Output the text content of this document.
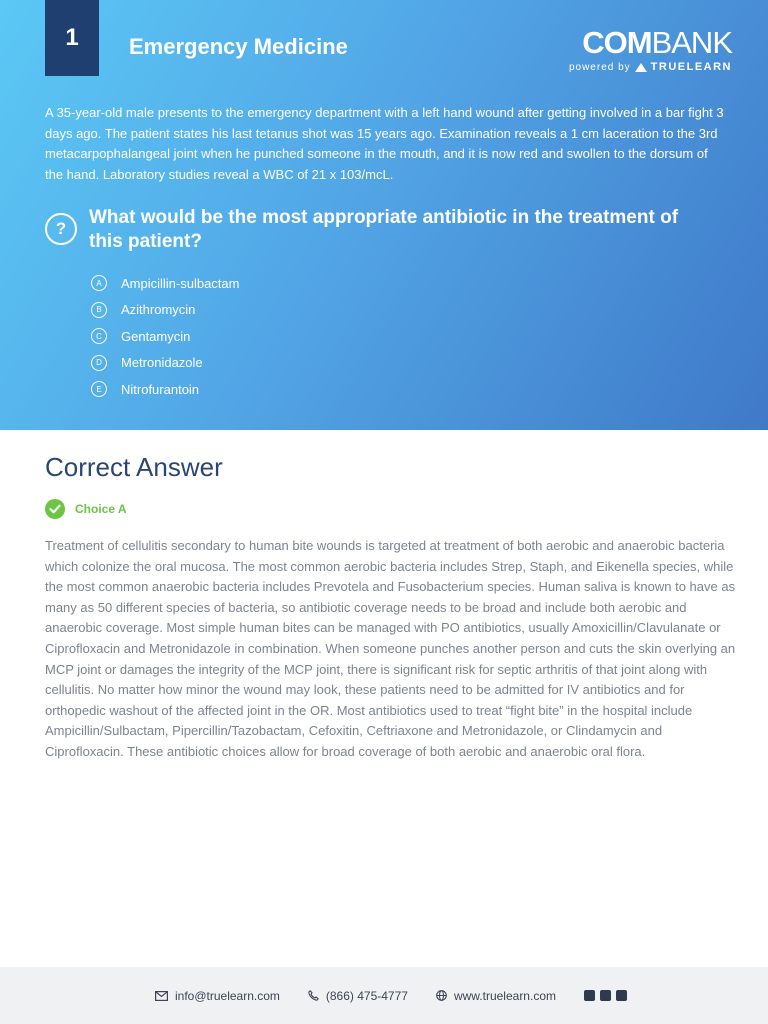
1	Emergency Medicine	COMBANK
powered by TRUELEARN
A 35-year-old male presents to the emergency department with a left hand wound after getting involved in a bar fight 3 days ago. The patient states his last tetanus shot was 15 years ago. Examination reveals a 1 cm laceration to the 3rd metacarpophalangeal joint when he punched someone in the mouth, and it is now red and swollen to the dorsum of the hand. Laboratory studies reveal a WBC of 21 x 103/mcL.
?
What would be the most appropriate antibiotic in the treatment of this patient?
A	Ampicillin-sulbactam
B	Azithromycin
C	Gentamycin
D	Metronidazole
E	Nitrofurantoin
Correct Answer
Choice A
Treatment of cellulitis secondary to human bite wounds is targeted at treatment of both aerobic and anaerobic bacteria which colonize the oral mucosa. The most common aerobic bacteria includes Strep, Staph, and Eikenella species, while the most common anaerobic bacteria includes Prevotela and Fusobacterium species. Human saliva is known to have as many as 50 different species of bacteria, so antibiotic coverage needs to be broad and include both aerobic and anaerobic coverage. Most simple human bites can be managed with PO antibiotics, usually Amoxicillin/Clavulanate or Ciprofloxacin and Metronidazole in combination. When someone punches another person and cuts the skin overlying an MCP joint or damages the integrity of the MCP joint, there is significant risk for septic arthritis of that joint along with cellulitis. No matter how minor the wound may look, these patients need to be admitted for IV antibiotics and for orthopedic washout of the affected joint in the OR. Most antibiotics used to treat “fight bite” in the hospital include Ampicillin/Sulbactam, Pipercillin/Tazobactam, Cefoxitin, Ceftriaxone and Metronidazole, or Clindamycin and Ciprofloxacin. These antibiotic choices allow for broad coverage of both aerobic and anaerobic oral flora.
info@truelearn.com	(866) 475-4777	www.truelearn.com
